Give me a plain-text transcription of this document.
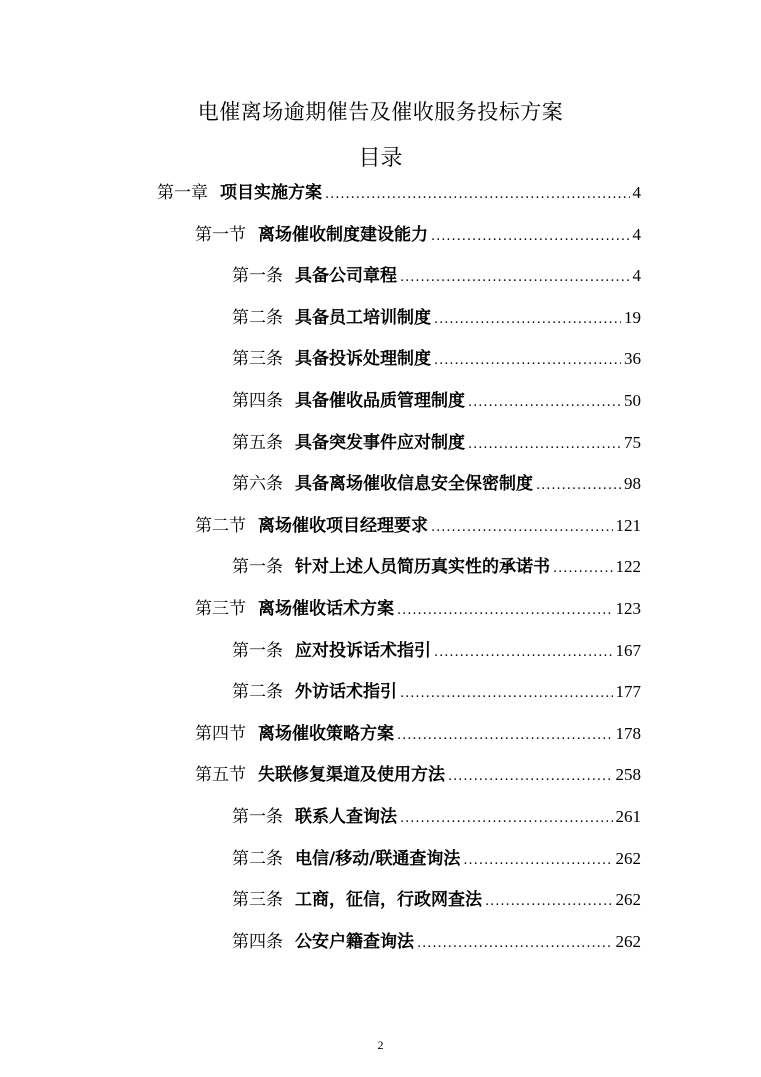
电催离场逾期催告及催收服务投标方案
目录
第一章 项目实施方案 .....	4
第一节 离场催收制度建设能力 .....	4
第一条 具备公司章程 .....	4
第二条 具备员工培训制度 .....	19
第三条 具备投诉处理制度 .....	36
第四条 具备催收品质管理制度 .....	50
第五条 具备突发事件应对制度 .....	75
第六条 具备离场催收信息安全保密制度 .....	98
第二节 离场催收项目经理要求 .....	121
第一条 针对上述人员简历真实性的承诺书 .....	122
第三节 离场催收话术方案 .....	123
第一条 应对投诉话术指引 .....	167
第二条 外访话术指引 .....	177
第四节 离场催收策略方案 .....	178
第五节 失联修复渠道及使用方法 .....	258
第一条 联系人查询法 .....	261
第二条 电信/移动/联通查询法 .....	262
第三条 工商，征信，行政网查法 .....	262
第四条 公安户籍查询法 .....	262
2
